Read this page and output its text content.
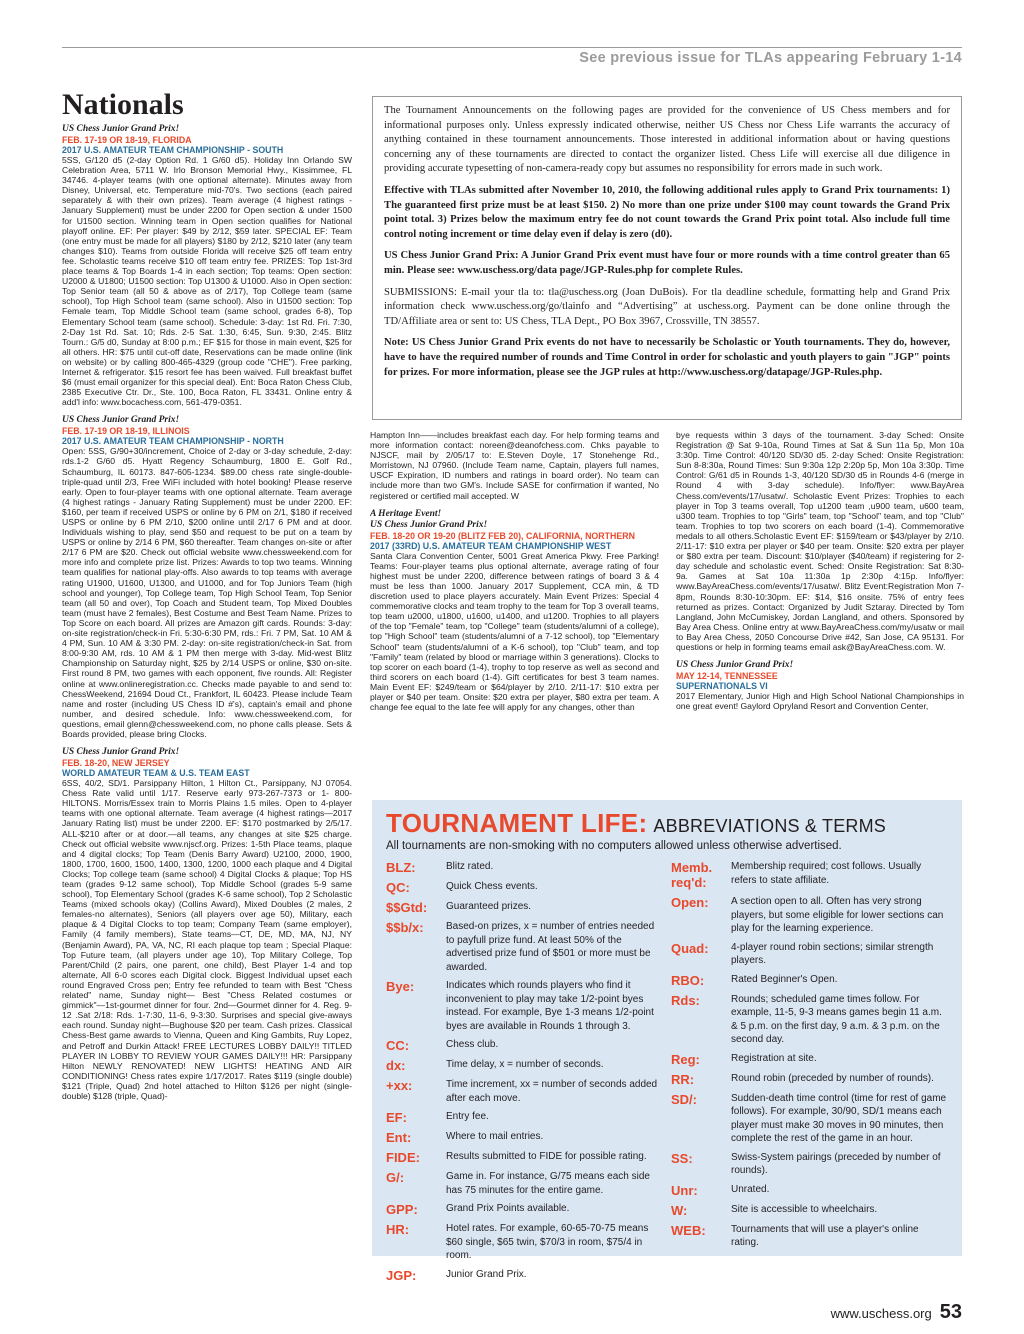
See previous issue for TLAs appearing February 1-14
Nationals	The Tournament Announcements on the following pages are provided for the convenience of US Chess members and for informational purposes only. Unless expressly indicated otherwise, neither US Chess nor Chess Life warrants the accuracy of anything contained in these tournament announcements. Those interested in additional information about or having questions concerning any of these tournaments are directed to contact the organizer listed. Chess Life will exercise all due diligence in providing accurate typesetting of non-camera-ready copy but assumes no responsibility for errors made in such work.

Effective with TLAs submitted after November 10, 2010, the following additional rules apply to Grand Prix tournaments: 1) The guaranteed first prize must be at least $150. 2) No more than one prize under $100 may count towards the Grand Prix point total. 3) Prizes below the maximum entry fee do not count towards the Grand Prix point total. Also include full time control noting increment or time delay even if delay is zero (d0).

US Chess Junior Grand Prix: A Junior Grand Prix event must have four or more rounds with a time control greater than 65 min. Please see: www.uschess.org/data page/JGP-Rules.php for complete Rules.

SUBMISSIONS: E-mail your tla to: tla@uschess.org (Joan DuBois). For tla deadline schedule, formatting help and Grand Prix information check www.uschess.org/go/tlainfo and “Advertising” at uschess.org. Payment can be done online through the TD/Affiliate area or sent to: US Chess, TLA Dept., PO Box 3967, Crossville, TN 38557.

Note: US Chess Junior Grand Prix events do not have to necessarily be Scholastic or Youth tournaments. They do, however, have to have the required number of rounds and Time Control in order for scholastic and youth players to gain "JGP" points for prizes. For more information, please see the JGP rules at http://www.uschess.org/datapage/JGP-Rules.php.

US Chess Junior Grand Prix!
FEB. 17-19 OR 18-19, FLORIDA
2017 U.S. AMATEUR TEAM CHAMPIONSHIP - SOUTH
5SS, G/120 d5 (2-day Option Rd. 1 G/60 d5). Holiday Inn Orlando SW Celebration Area, 5711 W. Irlo Bronson Memorial Hwy., Kissimmee, FL 34746. 4-player teams (with one optional alternate). Minutes away from Disney, Universal, etc. Temperature mid-70's. Two sections (each paired separately & with their own prizes). Team average (4 highest ratings - January Supplement) must be under 2200 for Open section & under 1500 for U1500 section. Winning team in Open section qualifies for National playoff online. EF: Per player: $49 by 2/12, $59 later. SPECIAL EF: Team (one entry must be made for all players) $180 by 2/12, $210 later (any team changes $10). Teams from outside Florida will receive $25 off team entry fee. Scholastic teams receive $10 off team entry fee. PRIZES: Top 1st-3rd place teams & Top Boards 1-4 in each section; Top teams: Open section: U2000 & U1800; U1500 section: Top U1300 & U1000. Also in Open section: Top Senior team (all 50 & above as of 2/17), Top College team (same school), Top High School team (same school). Also in U1500 section: Top Female team, Top Middle School team (same school, grades 6-8), Top Elementary School team (same school). Schedule: 3-day: 1st Rd. Fri. 7:30, 2-Day 1st Rd. Sat. 10; Rds. 2-5 Sat. 1:30, 6:45, Sun. 9:30, 2:45. Blitz Tourn.: G/5 d0, Sunday at 8:00 p.m.; EF $15 for those in main event, $25 for all others. HR: $75 until cut-off date, Reservations can be made online (link on website) or by calling 800-465-4329 (group code "CHE"). Free parking, Internet & refrigerator. $15 resort fee has been waived. Full breakfast buffet $6 (must email organizer for this special deal). Ent: Boca Raton Chess Club, 2385 Executive Ctr. Dr., Ste. 100, Boca Raton, FL 33431. Online entry & add'l info: www.bocachess.com, 561-479-0351.
US Chess Junior Grand Prix!
FEB. 17-19 OR 18-19, ILLINOIS
2017 U.S. AMATEUR TEAM CHAMPIONSHIP - NORTH
Open: 5SS, G/90+30/increment, Choice of 2-day or 3-day schedule, 2-day: rds.1-2 G/60 d5. Hyatt Regency Schaumburg, 1800 E. Golf Rd., Schaumburg, IL 60173. 847-605-1234. $89.00 chess rate single-double-triple-quad until 2/3, Free WiFi included with hotel booking! Please reserve early. Open to four-player teams with one optional alternate. Team average (4 highest ratings - January Rating Supplement) must be under 2200. EF: $160, per team if received USPS or online by 6 PM on 2/1, $180 if received USPS or online by 6 PM 2/10, $200 online until 2/17 6 PM and at door. Individuals wishing to play, send $50 and request to be put on a team by USPS or online by 2/14 6 PM, $60 thereafter. Team changes on-site or after 2/17 6 PM are $20. Check out official website www.chessweekend.com for more info and complete prize list. Prizes: Awards to top two teams. Winning team qualifies for national play-offs. Also awards to top teams with average rating U1900, U1600, U1300, and U1000, and for Top Juniors Team (high school and younger), Top College team, Top High School Team, Top Senior team (all 50 and over), Top Coach and Student team, Top Mixed Doubles team (must have 2 females), Best Costume and Best Team Name. Prizes to Top Score on each board. All prizes are Amazon gift cards. Rounds: 3-day: on-site registration/check-in Fri. 5:30-6:30 PM, rds.: Fri. 7 PM, Sat. 10 AM & 4 PM, Sun. 10 AM & 3:30 PM. 2-day: on-site registration/check-in Sat. from 8:00-9:30 AM, rds. 10 AM & 1 PM then merge with 3-day. Mid-west Blitz Championship on Saturday night, $25 by 2/14 USPS or online, $30 on-site. First round 8 PM, two games with each opponent, five rounds. All: Register online at www.onlineregistration.cc. Checks made payable to and send to: ChessWeekend, 21694 Doud Ct., Frankfort, IL 60423. Please include Team name and roster (including US Chess ID #'s), captain's email and phone number, and desired schedule. Info: www.chessweekend.com, for questions, email glenn@chessweekend.com, no phone calls please. Sets & Boards provided, please bring Clocks.
US Chess Junior Grand Prix!
FEB. 18-20, NEW JERSEY
WORLD AMATEUR TEAM & U.S. TEAM EAST
6SS, 40/2, SD/1. Parsippany Hilton, 1 Hilton Ct., Parsippany, NJ 07054. Chess Rate valid until 1/17. Reserve early 973-267-7373 or 1- 800-HILTONS. Morris/Essex train to Morris Plains 1.5 miles. Open to 4-player teams with one optional alternate. Team average (4 highest ratings—2017 January Rating list) must be under 2200. EF: $170 postmarked by 2/5/17. ALL-$210 after or at door.—all teams, any changes at site $25 charge. Check out official website www.njscf.org. Prizes: 1-5th Place teams, plaque and 4 digital clocks; Top Team (Denis Barry Award) U2100, 2000, 1900, 1800, 1700, 1600, 1500, 1400, 1300, 1200, 1000 each plaque and 4 Digital Clocks; Top college team (same school) 4 Digital Clocks & plaque; Top HS team (grades 9-12 same school), Top Middle School (grades 5-9 same school), Top Elementary School (grades K-6 same school), Top 2 Scholastic Teams (mixed schools okay) (Collins Award), Mixed Doubles (2 males, 2 females-no alternates), Seniors (all players over age 50), Military, each plaque & 4 Digital Clocks to top team; Company Team (same employer), Family (4 family members), State teams—CT, DE, MD, MA, NJ, NY (Benjamin Award), PA, VA, NC, RI each plaque top team ; Special Plaque: Top Future team, (all players under age 10), Top Military College, Top Parent/Child (2 pairs, one parent, one child), Best Player 1-4 and top alternate, All 6-0 scores each Digital clock. Biggest Individual upset each round Engraved Cross pen; Entry fee refunded to team with Best "Chess related" name, Sunday night— Best "Chess Related costumes or gimmick"—1st-gourmet dinner for four. 2nd—Gourmet dinner for 4. Reg. 9-12 .Sat 2/18: Rds. 1-7:30, 11-6, 9-3:30. Surprises and special give-aways each round. Sunday night—Bughouse $20 per team. Cash prizes. Classical Chess-Best game awards to Vienna, Queen and King Gambits, Ruy Lopez, and Petroff and Durkin Attack! FREE LECTURES LOBBY DAILY!! TITLED PLAYER IN LOBBY TO REVIEW YOUR GAMES DAILY!!! HR: Parsippany Hilton NEWLY RENOVATED! NEW LIGHTS! HEATING AND AIR CONDITIONING! Chess rates expire 1/17/2017. Rates $119 (single double) $121 (Triple, Quad) 2nd hotel attached to Hilton $126 per night (single-double) $128 (triple, Quad)-
Hampton Inn——includes breakfast each day. For help forming teams and more information contact: noreen@deanofchess.com. Chks payable to NJSCF, mail by 2/05/17 to: E.Steven Doyle, 17 Stonehenge Rd., Morristown, NJ 07960. (Include Team name, Captain, players full names, USCF Expiration, ID numbers and ratings in board order). No team can include more than two GM's. Include SASE for confirmation if wanted, No registered or certified mail accepted. W
A Heritage Event!
US Chess Junior Grand Prix!
FEB. 18-20 OR 19-20 (BLITZ FEB 20), CALIFORNIA, NORTHERN
2017 (33RD) U.S. AMATEUR TEAM CHAMPIONSHIP WEST
Santa Clara Convention Center, 5001 Great America Pkwy. Free Parking! Teams: Four-player teams plus optional alternate, average rating of four highest must be under 2200, difference between ratings of board 3 & 4 must be less than 1000. January 2017 Supplement, CCA min, & TD discretion used to place players accurately. Main Event Prizes: Special 4 commemorative clocks and team trophy to the team for Top 3 overall teams, top team u2000, u1800, u1600, u1400, and u1200. Trophies to all players of the top "Female" team, top "College" team (students/alumni of a college), top "High School" team (students/alumni of a 7-12 school), top "Elementary School" team (students/alumni of a K-6 school), top "Club" team, and top "Family" team (related by blood or marriage within 3 generations). Clocks to top scorer on each board (1-4), trophy to top reserve as well as second and third scorers on each board (1-4). Gift certificates for best 3 team names. Main Event EF: $249/team or $64/player by 2/10. 2/11-17: $10 extra per player or $40 per team. Onsite: $20 extra per player, $80 extra per team. A change fee equal to the late fee will apply for any changes, other than
bye requests within 3 days of the tournament. 3-day Sched: Onsite Registration @ Sat 9-10a, Round Times at Sat & Sun 11a 5p, Mon 10a 3:30p. Time Control: 40/120 SD/30 d5. 2-day Sched: Onsite Registration: Sun 8-8:30a, Round Times: Sun 9:30a 12p 2:20p 5p, Mon 10a 3:30p. Time Control: G/61 d5 in Rounds 1-3, 40/120 SD/30 d5 in Rounds 4-6 (merge in Round 4 with 3-day schedule). Info/flyer: www.BayArea Chess.com/events/17/usatw/. Scholastic Event Prizes: Trophies to each player in Top 3 teams overall, Top u1200 team ,u900 team, u600 team, u300 team. Trophies to top "Girls" team, top "School" team, and top "Club" team. Trophies to top two scorers on each board (1-4). Commemorative medals to all others.Scholastic Event EF: $159/team or $43/player by 2/10. 2/11-17: $10 extra per player or $40 per team. Onsite: $20 extra per player or $80 extra per team. Discount: $10/player ($40/team) if registering for 2-day schedule and scholastic event. Sched: Onsite Registration: Sat 8:30-9a. Games at Sat 10a 11:30a 1p 2:30p 4:15p. Info/flyer: www.BayAreaChess.com/events/17/usatw/. Blitz Event:Registration Mon 7-8pm, Rounds 8:30-10:30pm. EF: $14, $16 onsite. 75% of entry fees returned as prizes. Contact: Organized by Judit Sztaray. Directed by Tom Langland, John McCumiskey, Jordan Langland, and others. Sponsored by Bay Area Chess. Online entry at www.BayAreaChess.com/my/usatw or mail to Bay Area Chess, 2050 Concourse Drive #42, San Jose, CA 95131. For questions or help in forming teams email ask@BayAreaChess.com. W.
US Chess Junior Grand Prix!
MAY 12-14, TENNESSEE
SUPERNATIONALS VI
2017 Elementary, Junior High and High School National Championships in one great event! Gaylord Opryland Resort and Convention Center,
TOURNAMENT LIFE: ABBREVIATIONS & TERMS
All tournaments are non-smoking with no computers allowed unless otherwise advertised.
BLZ:	Blitz rated.
QC:	Quick Chess events.
$$Gtd:	Guaranteed prizes.
$$b/x:	Based-on prizes, x = number of entries needed to payfull prize fund. At least 50% of the advertised prize fund of $501 or more must be awarded.
Bye:	Indicates which rounds players who find it inconvenient to play may take 1/2-point byes instead. For example, Bye 1-3 means 1/2-point byes are available in Rounds 1 through 3.
CC:	Chess club.
dx:	Time delay, x = number of seconds.
+xx:	Time increment, xx = number of seconds added after each move.
EF:	Entry fee.
Ent:	Where to mail entries.
FIDE:	Results submitted to FIDE for possible rating.
G/:	Game in. For instance, G/75 means each side has 75 minutes for the entire game.
GPP:	Grand Prix Points available.
HR:	Hotel rates. For example, 60-65-70-75 means $60 single, $65 twin, $70/3 in room, $75/4 in room.
JGP:	Junior Grand Prix.
Memb. req'd:
Membership required; cost follows. Usually refers to state affiliate.
Open:	A section open to all. Often has very strong players, but some eligible for lower sections can play for the learning experience.
Quad:	4-player round robin sections; similar strength players.
RBO:	Rated Beginner's Open.
Rds:	Rounds; scheduled game times follow. For example, 11-5, 9-3 means games begin 11 a.m. & 5 p.m. on the first day, 9 a.m. & 3 p.m. on the second day.
Reg:	Registration at site.
RR:	Round robin (preceded by number of rounds).
SD/:	Sudden-death time control (time for rest of game follows). For example, 30/90, SD/1 means each player must make 30 moves in 90 minutes, then complete the rest of the game in an hour.
SS:	Swiss-System pairings (preceded by number of rounds).
Unr:	Unrated.
W:	Site is accessible to wheelchairs.
WEB:	Tournaments that will use a player's online rating.
www.uschess.org 53
